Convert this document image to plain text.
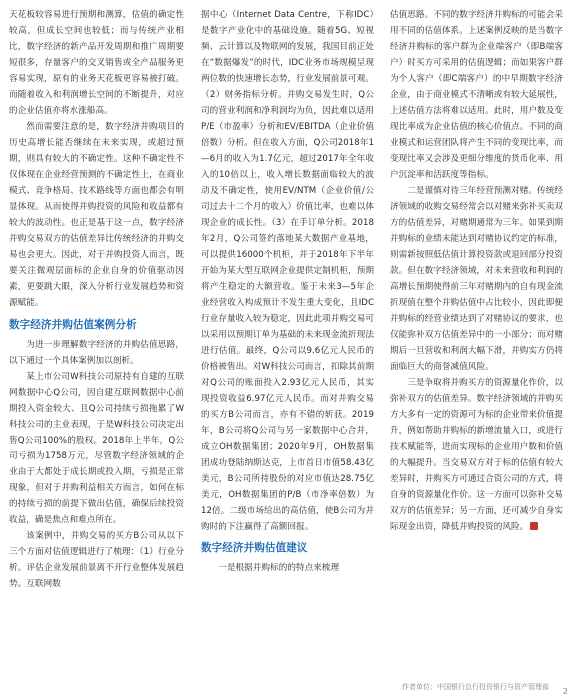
天花板较容易进行预期和测算，估值的确定性较高，但成长空间也较低；而与传统产业相比，数字经济的新产品开发周期和推广周期要短很多，存量客户的交叉销售或全产品服务更容易实现，原有的业务天花板更容易被打破。而随着收入和利润增长空间的不断提升，对应的企业估值亦将水涨船高。

然而需要注意的是，数字经济并购项目的历史高增长能否继续在未来实现，或超过预期，则具有较大的不确定性。这种不确定性不仅体现在企业经营预测的不确定性上，在商业模式、竞争格局、技术路线等方面也都会有明显体现。从而使得并购投资的风险和收益都有较大的波动性。也正是基于这一点，数字经济并购交易双方的估值差异比传统经济的并购交易也会更大。因此，对于并购投资人而言，既要关注微观层面标的企业自身的价值驱动因素，更要跳大眼，深入分析行业发展趋势和资源赋能。

数字经济并购估值案例分析

为进一步理解数字经济的并购估值思路，以下通过一个具体案例加以剖析。

某上市公司W科技公司原持有自建的互联网数据中心Q公司，因自建互联网数据中心前期投入资金较大、且Q公司持续亏损拖累了W科技公司的主业表现，于是W科技公司决定出售Q公司100%的股权。2018年上半年，Q公司亏损为1758万元，尽管数字经济领域的企业由于大都处于成长期或投入期，亏损是正常现象，但对于并购利益相关方而言，如何在标的持续亏损的前提下做出估值，确保后续投资收益，确是焦点和难点所在。

该案例中，并购交易的买方B公司从以下三个方面对估值逻辑进行了梳理：（1）行业分析。评估企业发展前景离不开行业整体发展趋势。互联网数

据中心（Internet Data Centre，下称IDC）是数字产业化中的基础设施。随着5G、短视频、云计算以及物联网的发展，我国目前正处在“数据爆发”的时代，IDC业务市场规模呈现两位数的快速增长态势，行业发展前景可观。（2）财务指标分析。并购交易发生时，Q公司的营业利润和净利润均为负，因此难以适用P/E（市盈率）分析和EV/EBITDA（企业价值倍数）分析。但在收入方面，Q公司2018年1—6月的收入为1.7亿元，超过2017年全年收入的10倍以上，收入增长数据面临较大的波动及不确定性，使用EV/NTM（企业价值/公司过去十二个月的收入）价值比率，也难以体现企业的成长性。（3）在手订单分析。2018年2月，Q公司签约落地某大数据产业基地，可以提供16000个机柜，并于2018年下半年开始为某大型互联网企业提供定制机柜，预期将产生稳定的大额营收。鉴于未来3—5年企业经营收入构成预计不发生重大变化，且IDC行业存量收入较为稳定，因此此项并购交易可以采用以预期订单为基础的未来现金流折现法进行估值。最终，Q公司以9.6亿元人民币的价格被售出。对W科技公司而言，扣除其前期对Q公司的账面投入2.93亿元人民币，其实现投资收益6.97亿元人民币。而对并购交易的买方B公司而言，亦有不错的斩获。2019年，B公司将Q公司与另一家数据中心合并，成立OH数据集团；2020年9月，OH数据集团成功登陆纳斯达克，上市首日市值58.43亿美元，B公司所持股份的对应市值达28.75亿美元，OH数据集团的P/B（市净率倍数）为12倍。二级市场给出的高估值，使B公司为并购时的下注赢得了高额回报。

数字经济并购估值建议

一是根据并购标的的特点来梳理

估值思路。不同的数字经济并购标的可能会采用不同的估值体系。上述案例反映的是当数字经济并购标的客户群为企业端客户（即B端客户）时买方可采用的估值逻辑；而如果客户群为个人客户（即C端客户）的中早期数字经济企业，由于商业模式不清晰或有较大延展性，上述估值方法将难以适用。此时，用户数及变现比率成为企业估值的核心价值点。不同的商业模式和运营团队将产生不同的变现比率，而变现比率又会涉及更细分维度的货币化率、用户沉淀率和活跃度等指标。

二是谨慎对待三年经营预测对赌。传统经济领域的收购交易经常会以对赌来弥补买卖双方的估值差异，对赌期通常为三年。如果到期并购标的业绩未能达到对赌协议约定的标准，则需新按照低估值计算投资款或退回部分投资款。但在数字经济领域，对未来营收和利润的高增长预期使得前三年对赌期内的自有现金流折现值在整个并购估值中占比较小，因此即便并购标的经营业绩达到了对赌协议的要求，也仅能弥补双方估值差异中的一小部分；而对赌期后一旦营收和利润大幅下滑，并购实方仍将面临巨大的商誉减值风险。

三是争取将并购买方的资源量化作价，以弥补双方的估值差异。数字经济领域的并购买方大多有一定的资源可为标的企业带来价值提升，例如帮助并购标的新增流量入口，或进行技术赋能等，进而实现标的企业用户数和价值的大幅提升。当交易双方对于标的估值有较大差异时，并购买方可通过合资公司的方式，将自身的资源量化作价。这一方面可以弥补交易双方的估值差异；另一方面，还可减少自身实际现金出资，降低并购投资的风险。

作者单位：中国银行总行投资银行与资产管理部 2
